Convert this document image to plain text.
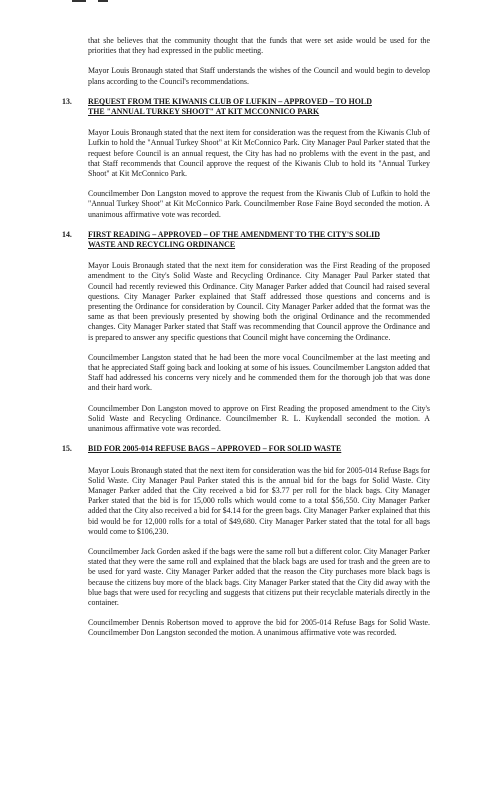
that she believes that the community thought that the funds that were set aside would be used for the priorities that they had expressed in the public meeting.

Mayor Louis Bronaugh stated that Staff understands the wishes of the Council and would begin to develop plans according to the Council's recommendations.

13. REQUEST FROM THE KIWANIS CLUB OF LUFKIN – APPROVED – TO HOLD
THE "ANNUAL TURKEY SHOOT" AT KIT MCCONNICO PARK

Mayor Louis Bronaugh stated that the next item for consideration was the request from the Kiwanis Club of Lufkin to hold the "Annual Turkey Shoot" at Kit McConnico Park. City Manager Paul Parker stated that the request before Council is an annual request, the City has had no problems with the event in the past, and that Staff recommends that Council approve the request of the Kiwanis Club to hold its "Annual Turkey Shoot" at Kit McConnico Park.

Councilmember Don Langston moved to approve the request from the Kiwanis Club of Lufkin to hold the "Annual Turkey Shoot" at Kit McConnico Park. Councilmember Rose Faine Boyd seconded the motion. A unanimous affirmative vote was recorded.

14. FIRST READING – APPROVED – OF THE AMENDMENT TO THE CITY'S SOLID
WASTE AND RECYCLING ORDINANCE

Mayor Louis Bronaugh stated that the next item for consideration was the First Reading of the proposed amendment to the City's Solid Waste and Recycling Ordinance. City Manager Paul Parker stated that Council had recently reviewed this Ordinance. City Manager Parker added that Council had raised several questions. City Manager Parker explained that Staff addressed those questions and concerns and is presenting the Ordinance for consideration by Council. City Manager Parker added that the format was the same as that been previously presented by showing both the original Ordinance and the recommended changes. City Manager Parker stated that Staff was recommending that Council approve the Ordinance and is prepared to answer any specific questions that Council might have concerning the Ordinance.

Councilmember Langston stated that he had been the more vocal Councilmember at the last meeting and that he appreciated Staff going back and looking at some of his issues. Councilmember Langston added that Staff had addressed his concerns very nicely and he commended them for the thorough job that was done and their hard work.

Councilmember Don Langston moved to approve on First Reading the proposed amendment to the City's Solid Waste and Recycling Ordinance. Councilmember R. L. Kuykendall seconded the motion. A unanimous affirmative vote was recorded.

15. BID FOR 2005-014 REFUSE BAGS – APPROVED – FOR SOLID WASTE

Mayor Louis Bronaugh stated that the next item for consideration was the bid for 2005-014 Refuse Bags for Solid Waste. City Manager Paul Parker stated this is the annual bid for the bags for Solid Waste. City Manager Parker added that the City received a bid for $3.77 per roll for the black bags. City Manager Parker stated that the bid is for 15,000 rolls which would come to a total $56,550. City Manager Parker added that the City also received a bid for $4.14 for the green bags. City Manager Parker explained that this bid would be for 12,000 rolls for a total of $49,680. City Manager Parker stated that the total for all bags would come to $106,230.

Councilmember Jack Gorden asked if the bags were the same roll but a different color. City Manager Parker stated that they were the same roll and explained that the black bags are used for trash and the green are to be used for yard waste. City Manager Parker added that the reason the City purchases more black bags is because the citizens buy more of the black bags. City Manager Parker stated that the City did away with the blue bags that were used for recycling and suggests that citizens put their recyclable materials directly in the container.

Councilmember Dennis Robertson moved to approve the bid for 2005-014 Refuse Bags for Solid Waste. Councilmember Don Langston seconded the motion. A unanimous affirmative vote was recorded.
